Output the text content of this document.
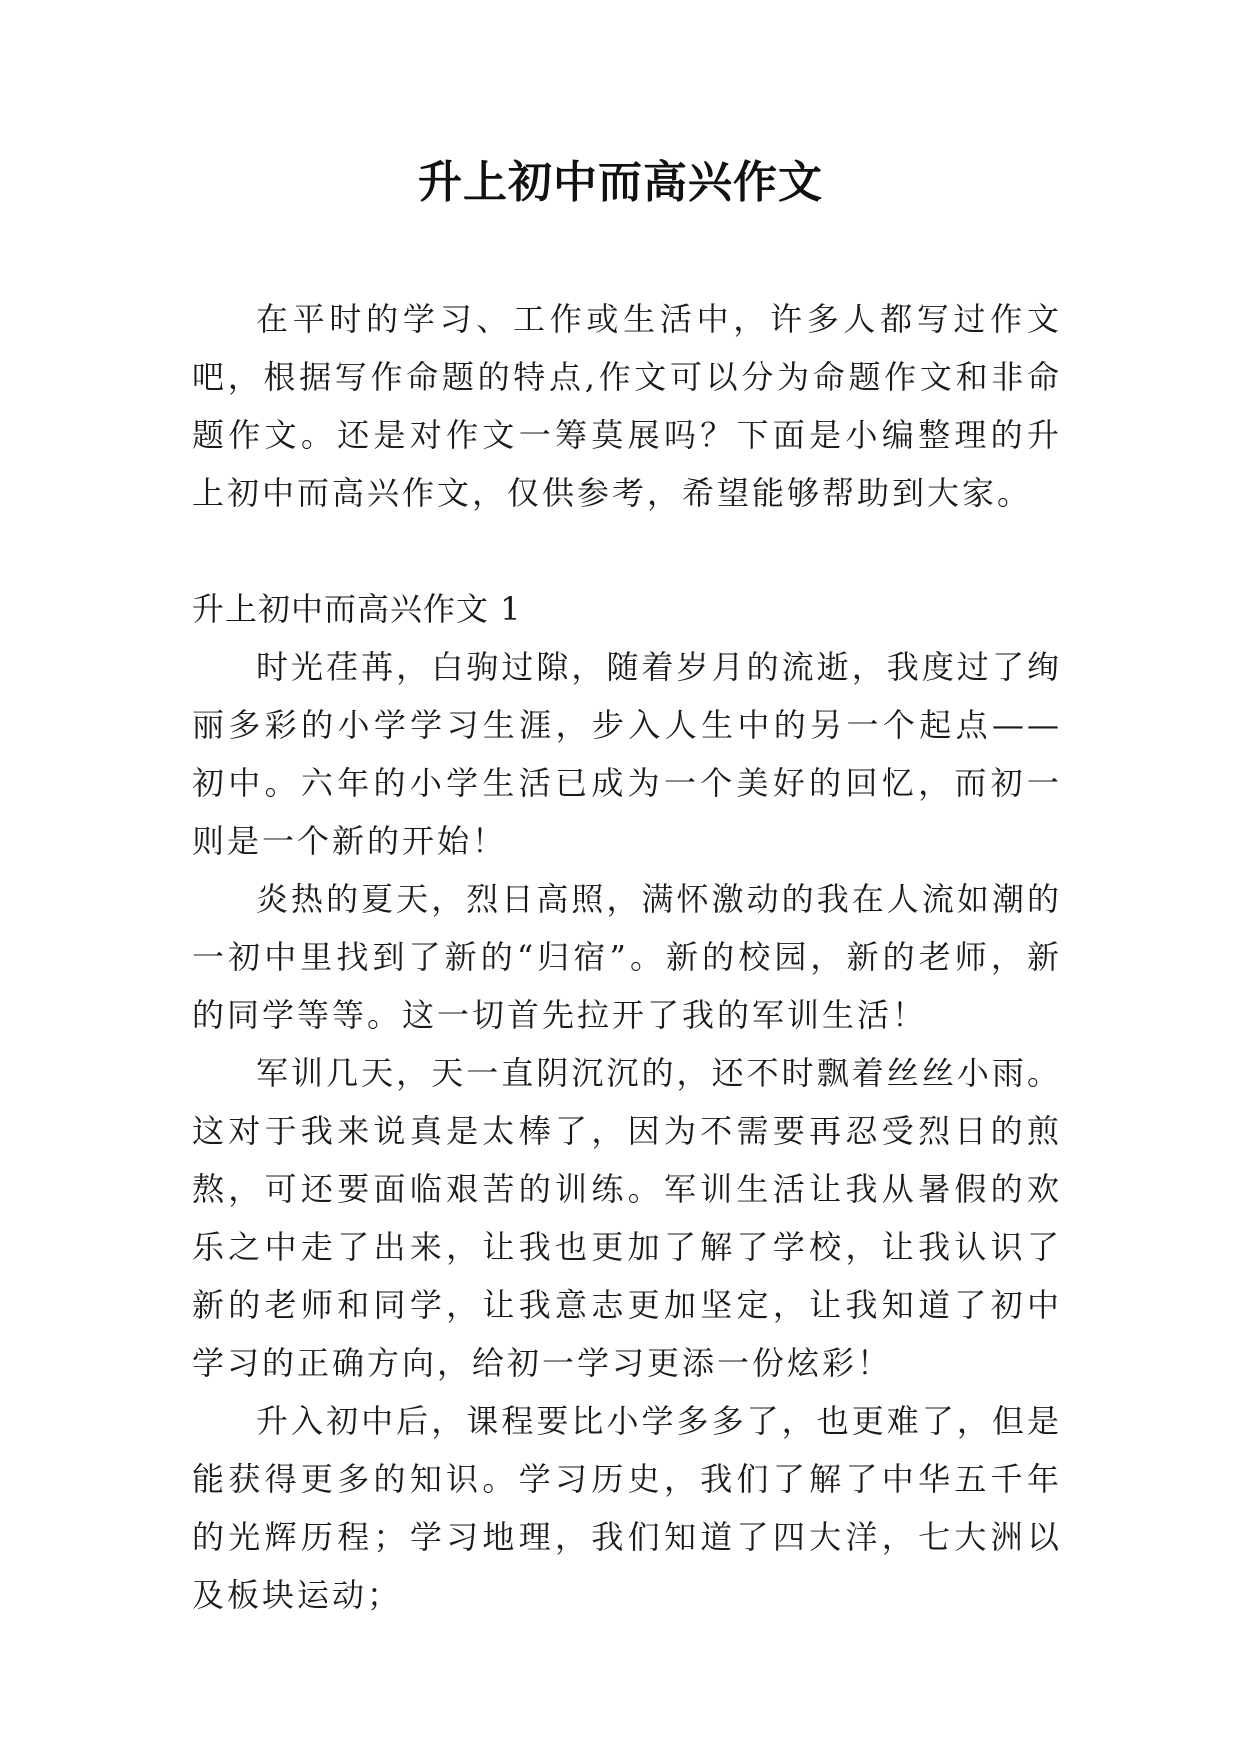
升上初中而高兴作文

在平时的学习、工作或生活中，许多人都写过作文吧，根据写作命题的特点,作文可以分为命题作文和非命题作文。还是对作文一筹莫展吗？下面是小编整理的升上初中而高兴作文，仅供参考，希望能够帮助到大家。

升上初中而高兴作文 1

时光荏苒，白驹过隙，随着岁月的流逝，我度过了绚丽多彩的小学学习生涯，步入人生中的另一个起点——初中。六年的小学生活已成为一个美好的回忆，而初一则是一个新的开始！

炎热的夏天，烈日高照，满怀激动的我在人流如潮的一初中里找到了新的“归宿”。新的校园，新的老师，新的同学等等。这一切首先拉开了我的军训生活！

军训几天，天一直阴沉沉的，还不时飘着丝丝小雨。这对于我来说真是太棒了，因为不需要再忍受烈日的煎熬，可还要面临艰苦的训练。军训生活让我从暑假的欢乐之中走了出来，让我也更加了解了学校，让我认识了新的老师和同学，让我意志更加坚定，让我知道了初中学习的正确方向，给初一学习更添一份炫彩！

升入初中后，课程要比小学多多了，也更难了，但是能获得更多的知识。学习历史，我们了解了中华五千年的光辉历程；学习地理，我们知道了四大洋，七大洲以及板块运动；
